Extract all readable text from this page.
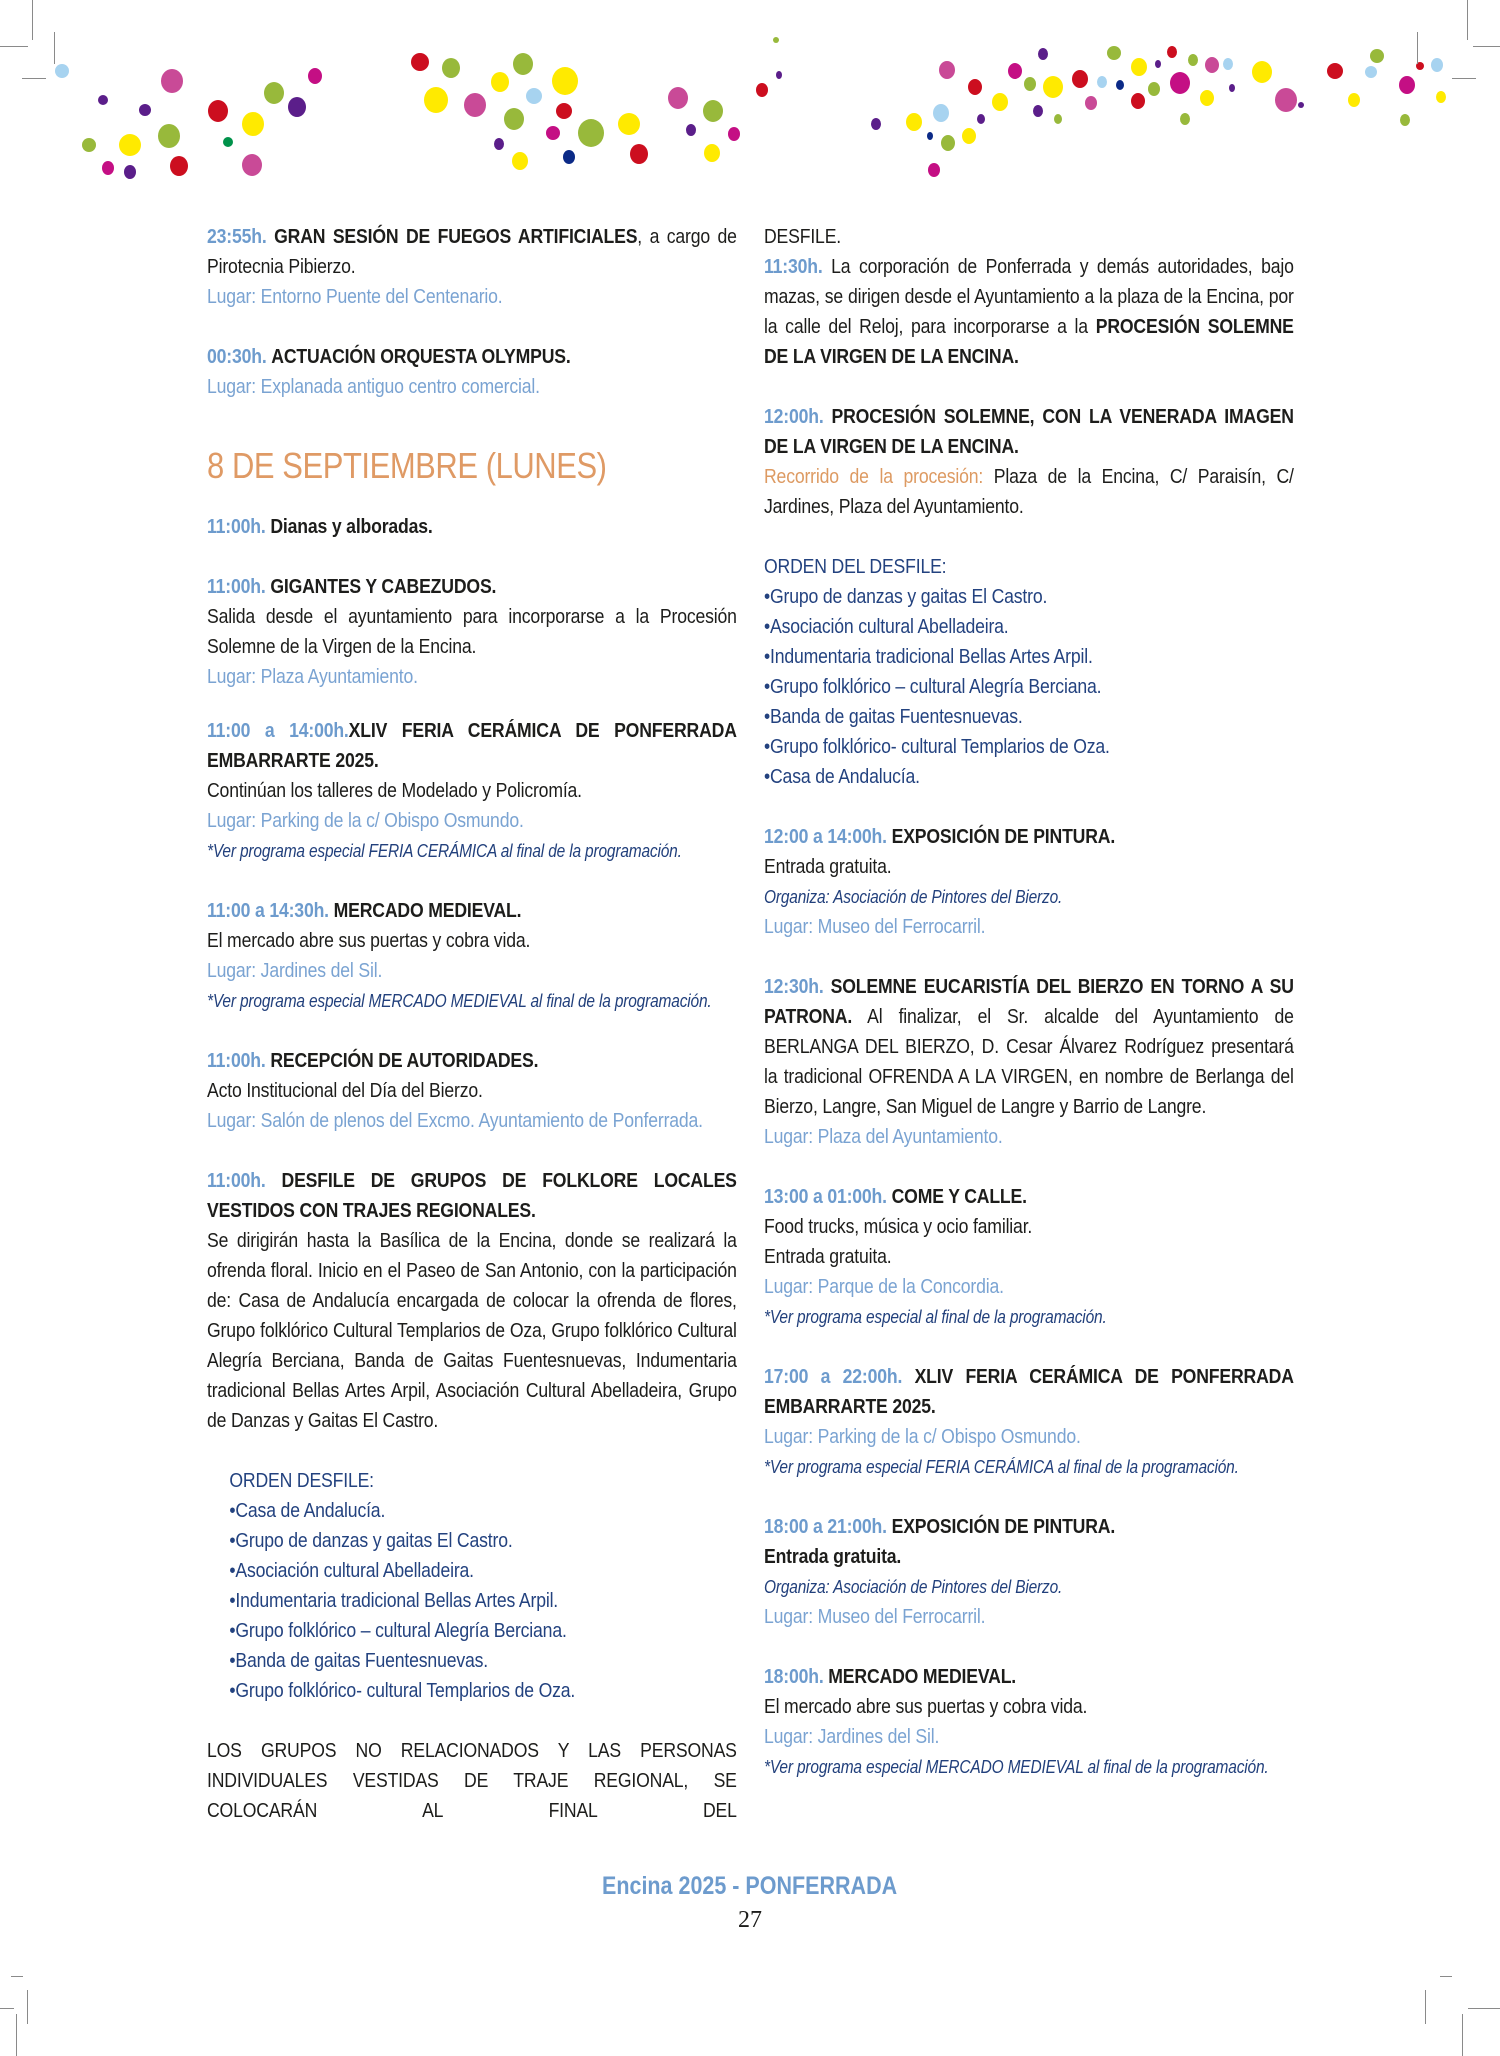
23:55h. GRAN SESIÓN DE FUEGOS ARTIFICIALES, a cargo de Pirotecnia Pibierzo.
Lugar: Entorno Puente del Centenario.
00:30h. ACTUACIÓN ORQUESTA OLYMPUS.
Lugar: Explanada antiguo centro comercial.
8 DE SEPTIEMBRE (LUNES)
11:00h. Dianas y alboradas.
11:00h. GIGANTES Y CABEZUDOS.
Salida desde el ayuntamiento para incorporarse a la Procesión Solemne de la Virgen de la Encina.
Lugar: Plaza Ayuntamiento.
11:00 a 14:00h.XLIV FERIA CERÁMICA DE PONFERRADA EMBARRARTE 2025.
Continúan los talleres de Modelado y Policromía.
Lugar: Parking de la c/ Obispo Osmundo.
*Ver programa especial FERIA CERÁMICA al final de la programación.
11:00 a 14:30h. MERCADO MEDIEVAL.
El mercado abre sus puertas y cobra vida.
Lugar: Jardines del Sil.
*Ver programa especial MERCADO MEDIEVAL al final de la programación.
11:00h. RECEPCIÓN DE AUTORIDADES.
Acto Institucional del Día del Bierzo.
Lugar: Salón de plenos del Excmo. Ayuntamiento de Ponferrada.
11:00h. DESFILE DE GRUPOS DE FOLKLORE LOCALES VESTIDOS CON TRAJES REGIONALES.
Se dirigirán hasta la Basílica de la Encina, donde se realizará la ofrenda floral. Inicio en el Paseo de San Antonio, con la participación de: Casa de Andalucía encargada de colocar la ofrenda de flores, Grupo folklórico Cultural Templarios de Oza, Grupo folklórico Cultural Alegría Berciana, Banda de Gaitas Fuentesnuevas, Indumentaria tradicional Bellas Artes Arpil, Asociación Cultural Abelladeira, Grupo de Danzas y Gaitas El Castro.
ORDEN DESFILE:
•Casa de Andalucía.
•Grupo de danzas y gaitas El Castro.
•Asociación cultural Abelladeira.
•Indumentaria tradicional Bellas Artes Arpil.
•Grupo folklórico – cultural Alegría Berciana.
•Banda de gaitas Fuentesnuevas.
•Grupo folklórico- cultural Templarios de Oza.
LOS GRUPOS NO RELACIONADOS Y LAS PERSONAS INDIVIDUALES VESTIDAS DE TRAJE REGIONAL, SE COLOCARÁN AL FINAL DEL
DESFILE.
11:30h. La corporación de Ponferrada y demás autoridades, bajo mazas, se dirigen desde el Ayuntamiento a la plaza de la Encina, por la calle del Reloj, para incorporarse a la PROCESIÓN SOLEMNE DE LA VIRGEN DE LA ENCINA.
12:00h. PROCESIÓN SOLEMNE, CON LA VENERADA IMAGEN DE LA VIRGEN DE LA ENCINA.
Recorrido de la procesión: Plaza de la Encina, C/ Paraisín, C/ Jardines, Plaza del Ayuntamiento.
ORDEN DEL DESFILE:
•Grupo de danzas y gaitas El Castro.
•Asociación cultural Abelladeira.
•Indumentaria tradicional Bellas Artes Arpil.
•Grupo folklórico – cultural Alegría Berciana.
•Banda de gaitas Fuentesnuevas.
•Grupo folklórico- cultural Templarios de Oza.
•Casa de Andalucía.
12:00 a 14:00h. EXPOSICIÓN DE PINTURA.
Entrada gratuita.
Organiza: Asociación de Pintores del Bierzo.
Lugar: Museo del Ferrocarril.
12:30h. SOLEMNE EUCARISTÍA DEL BIERZO EN TORNO A SU PATRONA. Al finalizar, el Sr. alcalde del Ayuntamiento de BERLANGA DEL BIERZO, D. Cesar Álvarez Rodríguez presentará la tradicional OFRENDA A LA VIRGEN, en nombre de Berlanga del Bierzo, Langre, San Miguel de Langre y Barrio de Langre.
Lugar: Plaza del Ayuntamiento.
13:00 a 01:00h. COME Y CALLE.
Food trucks, música y ocio familiar.
Entrada gratuita.
Lugar: Parque de la Concordia.
*Ver programa especial al final de la programación.
17:00 a 22:00h. XLIV FERIA CERÁMICA DE PONFERRADA EMBARRARTE 2025.
Lugar: Parking de la c/ Obispo Osmundo.
*Ver programa especial FERIA CERÁMICA al final de la programación.
18:00 a 21:00h. EXPOSICIÓN DE PINTURA.
Entrada gratuita.
Organiza: Asociación de Pintores del Bierzo.
Lugar: Museo del Ferrocarril.
18:00h. MERCADO MEDIEVAL.
El mercado abre sus puertas y cobra vida.
Lugar: Jardines del Sil.
*Ver programa especial MERCADO MEDIEVAL al final de la programación.
Encina 2025 - PONFERRADA
27
